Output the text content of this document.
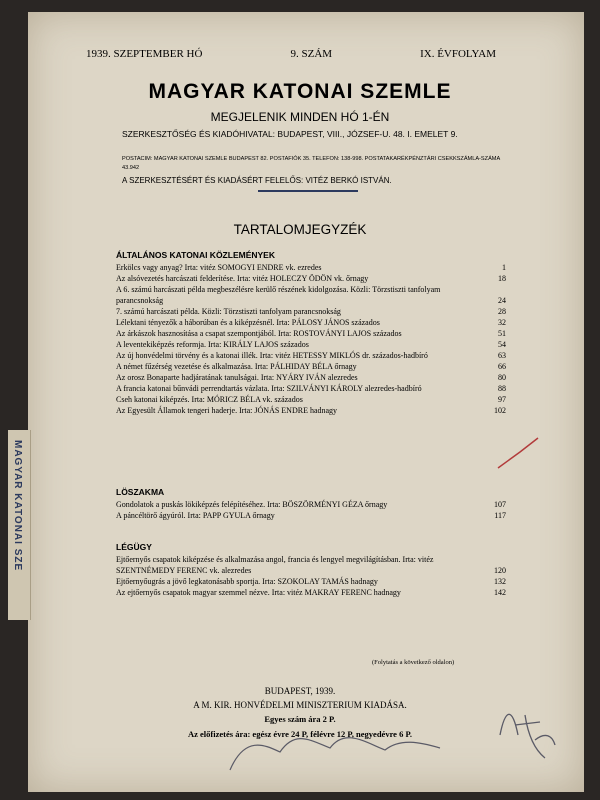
MAGYAR KATONAI SZE
1939. SZEPTEMBER HÓ	9. SZÁM	IX. ÉVFOLYAM
MAGYAR KATONAI SZEMLE
MEGJELENIK MINDEN HÓ 1-ÉN
SZERKESZTŐSÉG ÉS KIADÓHIVATAL: BUDAPEST, VIII., JÓZSEF-U. 48. I. EMELET 9.
POSTACIM: MAGYAR KATONAI SZEMLE BUDAPEST 82. POSTAFIÓK 35. TELEFON: 138-998. POSTATAKARÉKPÉNZTÁRI CSEKKSZÁMLA-SZÁMA 43.942
A SZERKESZTÉSÉRT ÉS KIADÁSÉRT FELELŐS: VITÉZ BERKÓ ISTVÁN.
TARTALOMJEGYZÉK
ÁLTALÁNOS KATONAI KÖZLEMÉNYEK
Erkölcs vagy anyag? Irta: vitéz SOMOGYI ENDRE vk. ezredes	1
Az alsóvezetés harcászati felderítése. Irta: vitéz HOLECZY ÖDÖN vk. őrnagy	18
A 6. számú harcászati példa megbeszélésre kerülő részének kidolgozása. Közli: Törzstiszti tanfolyam parancsnokság	24
7. számú harcászati példa. Közli: Törzstiszti tanfolyam parancsnokság	28
Lélektani tényezők a háborúban és a kiképzésnél. Irta: PÁLOSY JÁNOS százados	32
Az árkászok hasznosítása a csapat szempontjából. Irta: ROSTOVÁNYI LAJOS százados	51
A leventekiképzés reformja. Irta: KIRÁLY LAJOS százados	54
Az új honvédelmi törvény és a katonai illék. Irta: vitéz HETESSY MIKLÓS dr. százados-hadbíró	63
A német fűzérség vezetése és alkalmazása. Irta: PÁLHIDAY BÉLA őrnagy	66
Az orosz Bonaparte hadjáratának tanulságai. Irta: NYÁRY IVÁN alezredes	80
A francia katonai bűnvádi perrendtartás vázlata. Irta: SZILVÁNYI KÁROLY alezredes-hadbíró	88
Cseh katonai kiképzés. Irta: MÓRICZ BÉLA vk. százados	97
Az Egyesült Államok tengeri haderje. Irta: JÓNÁS ENDRE hadnagy	102
LÖSZAKMA
Gondolatok a puskás lökiképzés felépítéséhez. Irta: BÖSZÖRMÉNYI GÉZA őrnagy	107
A páncéltörő ágyúról. Irta: PAPP GYULA őrnagy	117
LÉGÜGY
Ejtőernyős csapatok kiképzése és alkalmazása angol, francia és lengyel megvilágításban. Irta: vitéz SZENTNÉMEDY FERENC vk. alezredes	120
Ejtőernyőugrás a jövő legkatonásabb sportja. Irta: SZOKOLAY TAMÁS hadnagy	132
Az ejtőernyős csapatok magyar szemmel nézve. Irta: vitéz MAKRAY FERENC hadnagy	142
(Folytatás a következő oldalon)
BUDAPEST, 1939.
A M. KIR. HONVÉDELMI MINISZTERIUM KIADÁSA.
Egyes szám ára 2 P.
Az előfizetés ára: egész évre 24 P, félévre 12 P, negyedévre 6 P.
